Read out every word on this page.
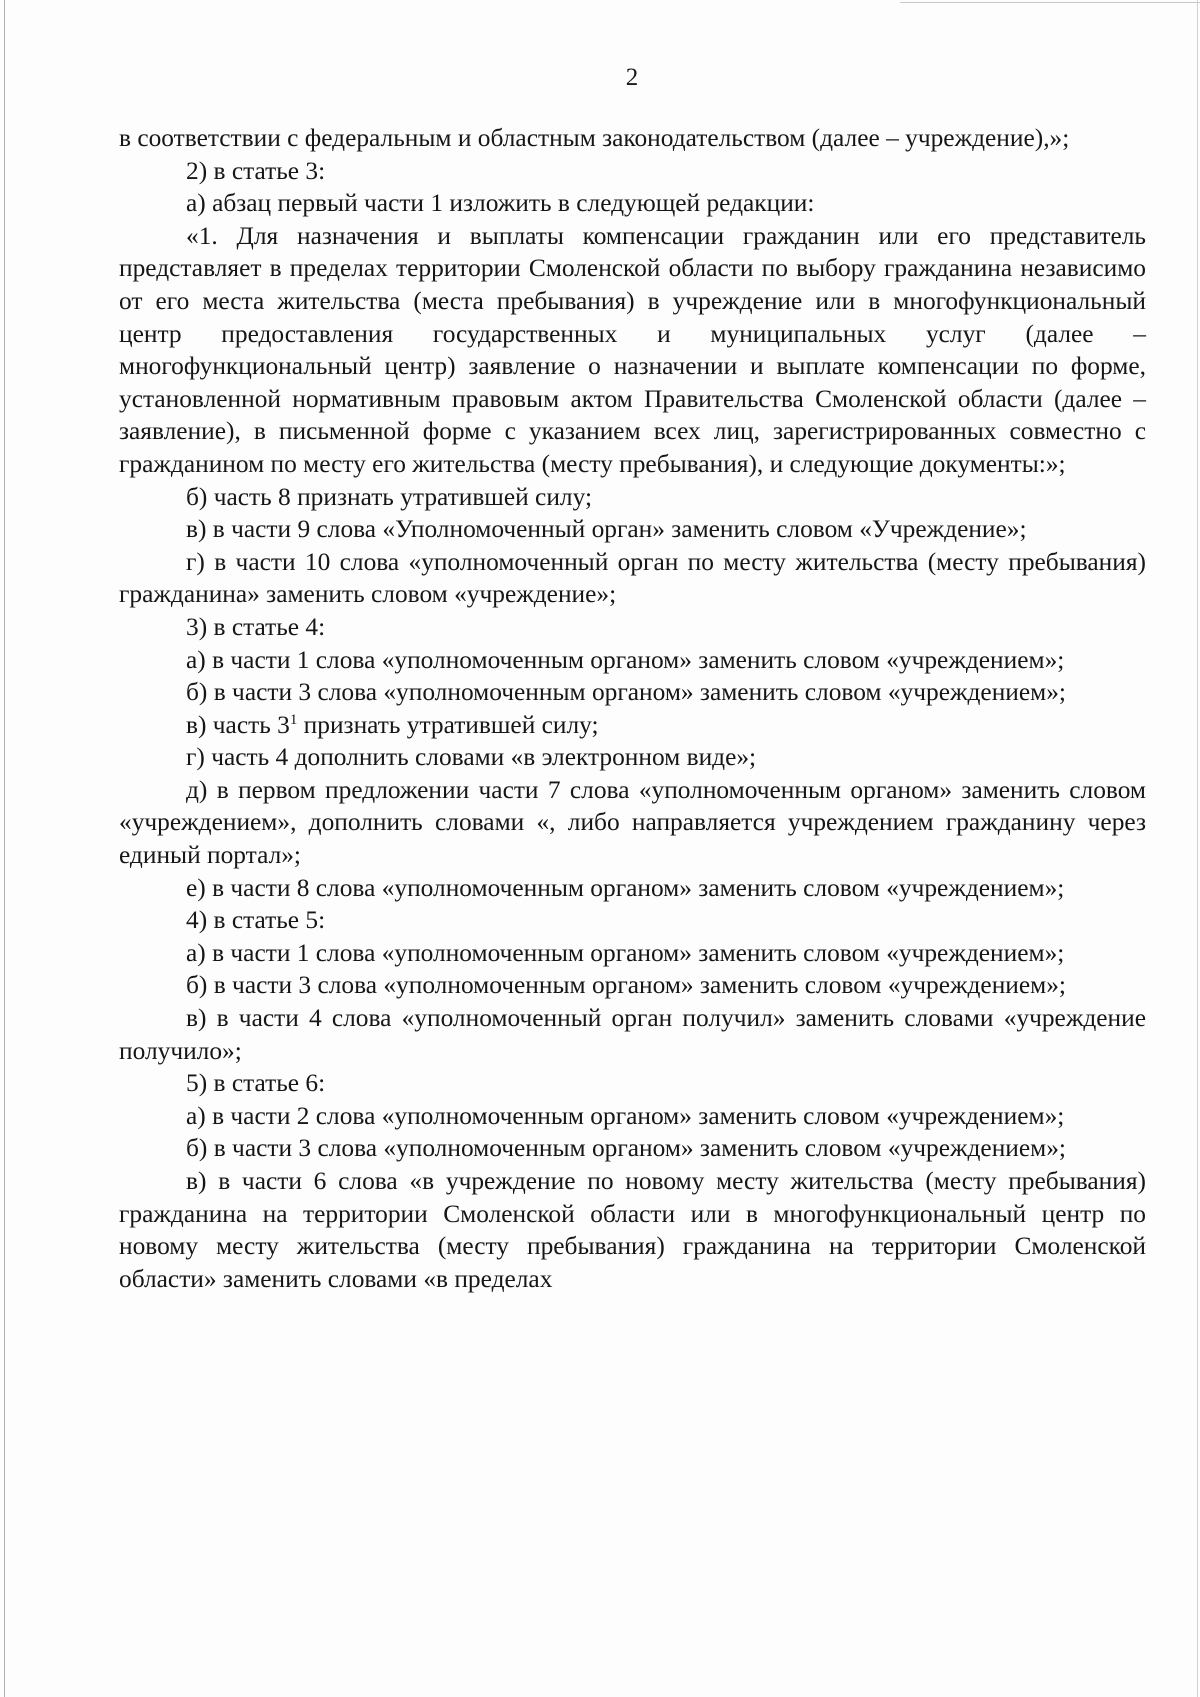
2

в соответствии с федеральным и областным законодательством (далее – учреждение),»;

2) в статье 3:

а) абзац первый части 1 изложить в следующей редакции:

«1. Для назначения и выплаты компенсации гражданин или его представитель представляет в пределах территории Смоленской области по выбору гражданина независимо от его места жительства (места пребывания) в учреждение или в многофункциональный центр предоставления государственных и муниципальных услуг (далее – многофункциональный центр) заявление о назначении и выплате компенсации по форме, установленной нормативным правовым актом Правительства Смоленской области (далее – заявление), в письменной форме с указанием всех лиц, зарегистрированных совместно с гражданином по месту его жительства (месту пребывания), и следующие документы:»;

б) часть 8 признать утратившей силу;

в) в части 9 слова «Уполномоченный орган» заменить словом «Учреждение»;

г) в части 10 слова «уполномоченный орган по месту жительства (месту пребывания) гражданина» заменить словом «учреждение»;

3) в статье 4:

а) в части 1 слова «уполномоченным органом» заменить словом «учреждением»;

б) в части 3 слова «уполномоченным органом» заменить словом «учреждением»;

в) часть $3^1$ признать утратившей силу;

г) часть 4 дополнить словами «в электронном виде»;

д) в первом предложении части 7 слова «уполномоченным органом» заменить словом «учреждением», дополнить словами «, либо направляется учреждением гражданину через единый портал»;

е) в части 8 слова «уполномоченным органом» заменить словом «учреждением»;

4) в статье 5:

а) в части 1 слова «уполномоченным органом» заменить словом «учреждением»;

б) в части 3 слова «уполномоченным органом» заменить словом «учреждением»;

в) в части 4 слова «уполномоченный орган получил» заменить словами «учреждение получило»;

5) в статье 6:

а) в части 2 слова «уполномоченным органом» заменить словом «учреждением»;

б) в части 3 слова «уполномоченным органом» заменить словом «учреждением»;

в) в части 6 слова «в учреждение по новому месту жительства (месту пребывания) гражданина на территории Смоленской области или в многофункциональный центр по новому месту жительства (месту пребывания) гражданина на территории Смоленской области» заменить словами «в пределах
